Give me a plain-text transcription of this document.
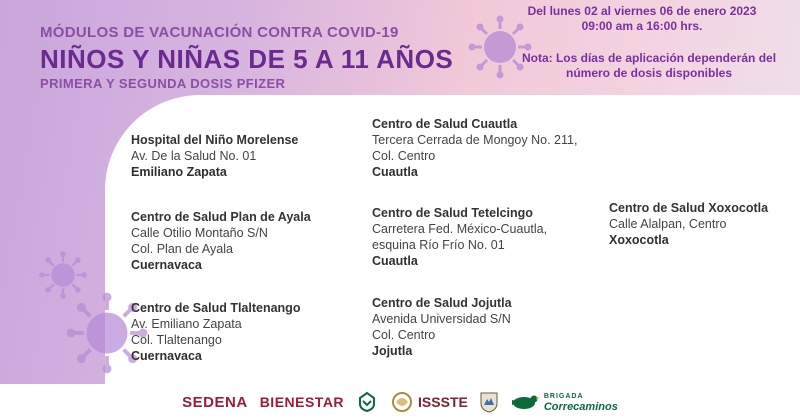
MÓDULOS DE VACUNACIÓN CONTRA COVID-19
NIÑOS Y NIÑAS DE 5 A 11 AÑOS
PRIMERA Y SEGUNDA DOSIS PFIZER
Del lunes 02 al viernes 06 de enero 2023
09:00 am a 16:00 hrs.
Nota: Los días de aplicación dependerán del
número de dosis disponibles
Hospital del Niño Morelense
Av. De la Salud No. 01
Emiliano Zapata
Centro de Salud Plan de Ayala
Calle Otilio Montaño S/N
Col. Plan de Ayala
Cuernavaca
Centro de Salud Tlaltenango
Av. Emiliano Zapata
Col. Tlaltenango
Cuernavaca
Centro de Salud Cuautla
Tercera Cerrada de Mongoy No. 211,
Col. Centro
Cuautla
Centro de Salud Tetelcingo
Carretera Fed. México-Cuautla,
esquina Río Frío No. 01
Cuautla
Centro de Salud Jojutla
Avenida Universidad S/N
Col. Centro
Jojutla
Centro de Salud Xoxocotla
Calle Alalpan, Centro
Xoxocotla
SEDENA BIENESTAR	ISSSTE	BRIGADA
Correcaminos
